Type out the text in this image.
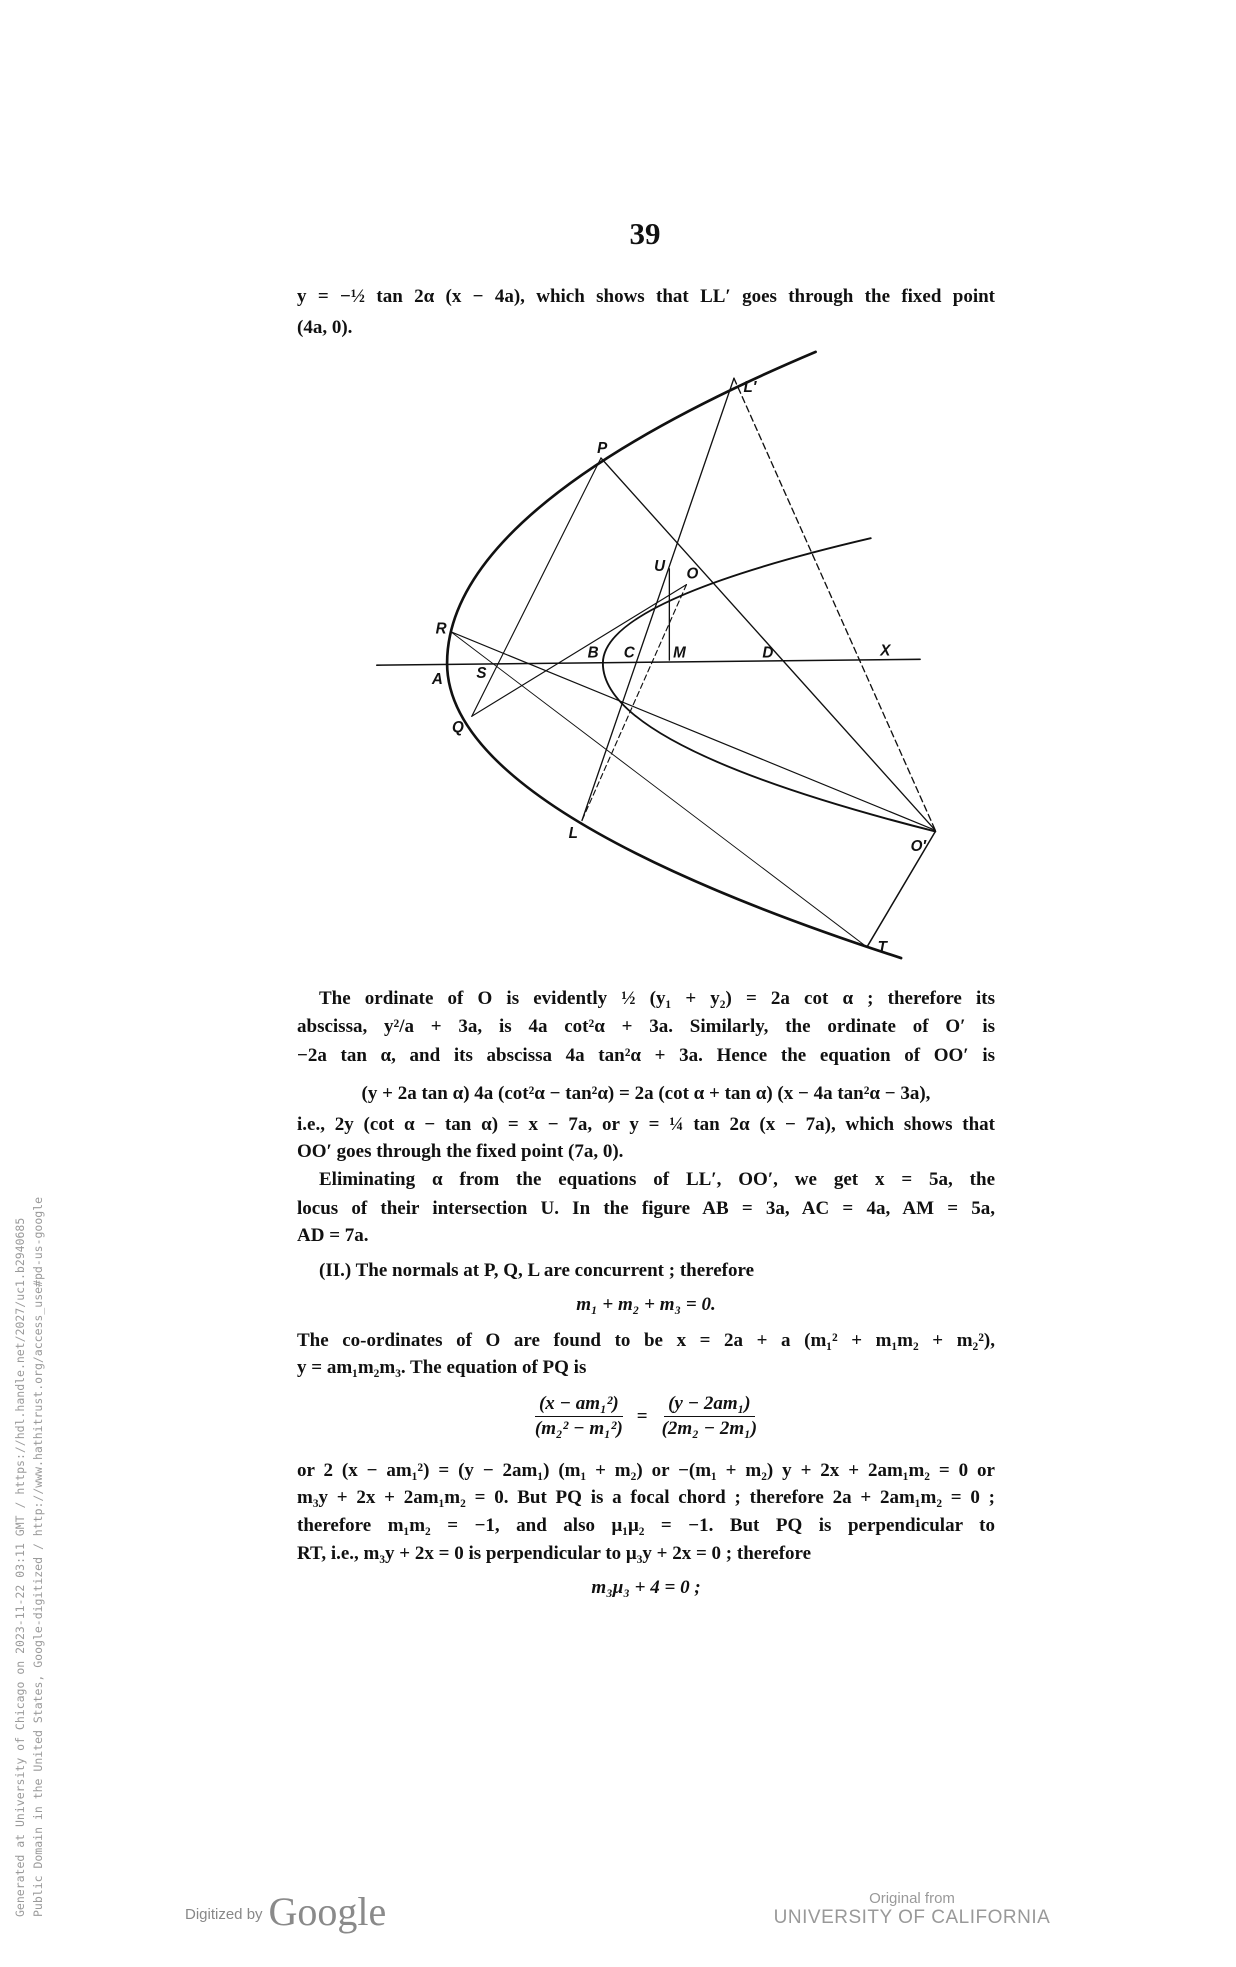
39
y = −½ tan 2α (x − 4a), which shows that LL′ goes through the fixed point
(4a, 0).
P
L′
U O
R
B C M D	X
A S
Q
L
O′
T
The ordinate of O is evidently ½ (y₁ + y₂) = 2a cot α ; therefore its
abscissa, y²/a + 3a, is 4a cot²α + 3a. Similarly, the ordinate of O′ is
−2a tan α, and its abscissa 4a tan²α + 3a. Hence the equation of OO′ is
(y + 2a tan α) 4a (cot²α − tan²α) = 2a (cot α + tan α) (x − 4a tan²α − 3a),
i.e., 2y (cot α − tan α) = x − 7a, or y = ¼ tan 2α (x − 7a), which shows that
OO′ goes through the fixed point (7a, 0).
Eliminating α from the equations of LL′, OO′, we get x = 5a, the
locus of their intersection U. In the figure AB = 3a, AC = 4a, AM = 5a,
AD = 7a.
(II.) The normals at P, Q, L are concurrent ; therefore
m₁ + m₂ + m₃ = 0.
The co-ordinates of O are found to be x = 2a + a (m₁² + m₁m₂ + m₂²),
y = am₁m₂m₃. The equation of PQ is
$\frac{\text{(x − am₁²)}}{\text{(m₂² − m₁²)}} = \frac{\text{(y − 2am₁)}}{\text{(2m₂ − 2m₁)}}$
or 2 (x − am₁²) = (y − 2am₁) (m₁ + m₂) or −(m₁ + m₂) y + 2x + 2am₁m₂ = 0 or
m₃y + 2x + 2am₁m₂ = 0. But PQ is a focal chord ; therefore 2a + 2am₁m₂ = 0 ;
therefore m₁m₂ = −1, and also μ₁μ₂ = −1. But PQ is perpendicular to
RT, i.e., m₃y + 2x = 0 is perpendicular to μ₃y + 2x = 0 ; therefore
m₃μ₃ + 4 = 0 ;
Generated at University of Chicago on 2023-11-22 03:11 GMT / https://hdl.handle.net/2027/uc1.b2940685 Public Domain in the United States, Google-digitized / http://www.hathitrust.org/access_use#pd-us-google	Digitized by Google	Original from
UNIVERSITY OF CALIFORNIA
